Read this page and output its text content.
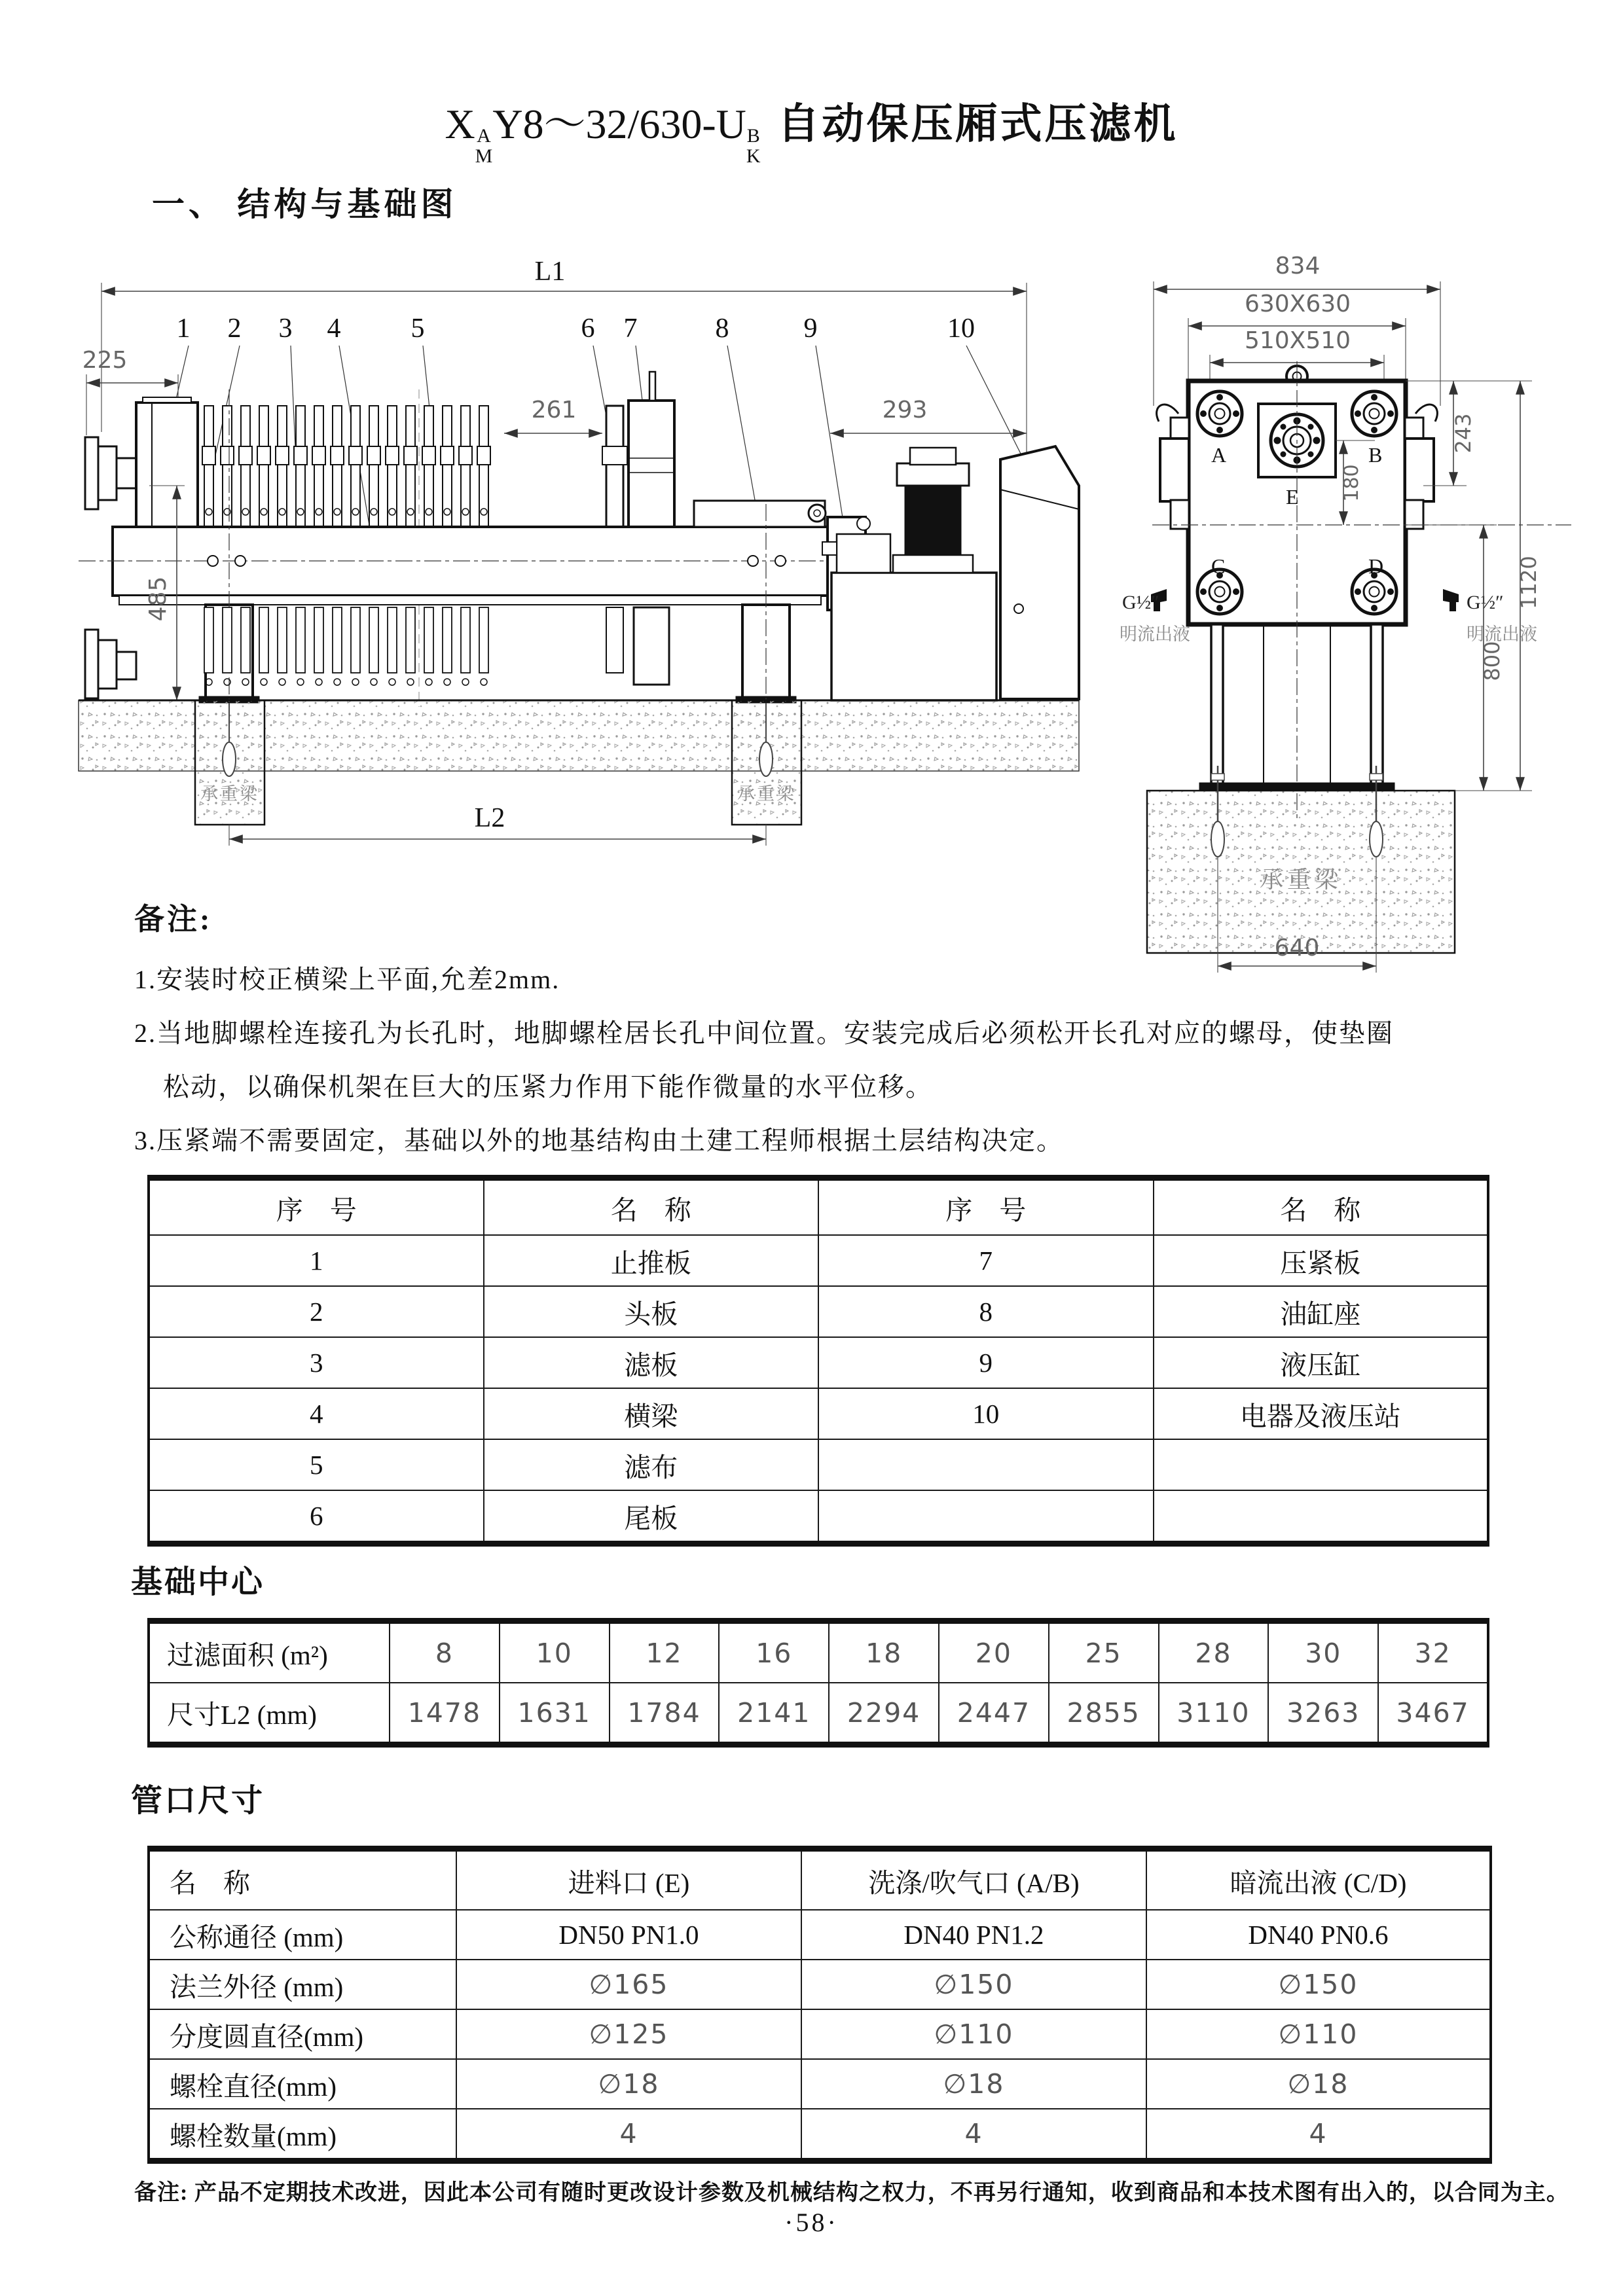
X A
M
Y8～32/630-U B
K
自动保压厢式压滤机
一、 结构与基础图
L1
1 2 3 4	5	6 7	8	9	10
225
261	293
485
承重梁	承重梁
L2
834
630X630
510X510
A	B
C	D
E 180
G½″	G½″
明流出液	明流出液
承重梁
640
243
800
1120
备注:
1.安装时校正横梁上平面,允差2mm.
2.当地脚螺栓连接孔为长孔时，地脚螺栓居长孔中间位置。安装完成后必须松开长孔对应的螺母，使垫圈
松动，以确保机架在巨大的压紧力作用下能作微量的水平位移。
3.压紧端不需要固定，基础以外的地基结构由土建工程师根据土层结构决定。
序　号	名　称	序　号	名　称
1	止推板	7	压紧板
2	头板	8	油缸座
3	滤板	9	液压缸
4	横梁	10	电器及液压站
5	滤布		
6	尾板		
基础中心
过滤面积 (m²)	8	10	12	16	18	20	25	28	30	32
尺寸L2 (mm)	1478	1631	1784	2141	2294	2447	2855	3110	3263	3467
管口尺寸
名　称	进料口 (E)	洗涤/吹气口 (A/B)	暗流出液 (C/D)
公称通径 (mm)	DN50 PN1.0	DN40 PN1.2	DN40 PN0.6
法兰外径 (mm)	∅165	∅150	∅150
分度圆直径(mm)	∅125	∅110	∅110
螺栓直径(mm)	∅18	∅18	∅18
螺栓数量(mm)	4	4	4
备注: 产品不定期技术改进，因此本公司有随时更改设计参数及机械结构之权力，不再另行通知，收到商品和本技术图有出入的，以合同为主。
·58·
